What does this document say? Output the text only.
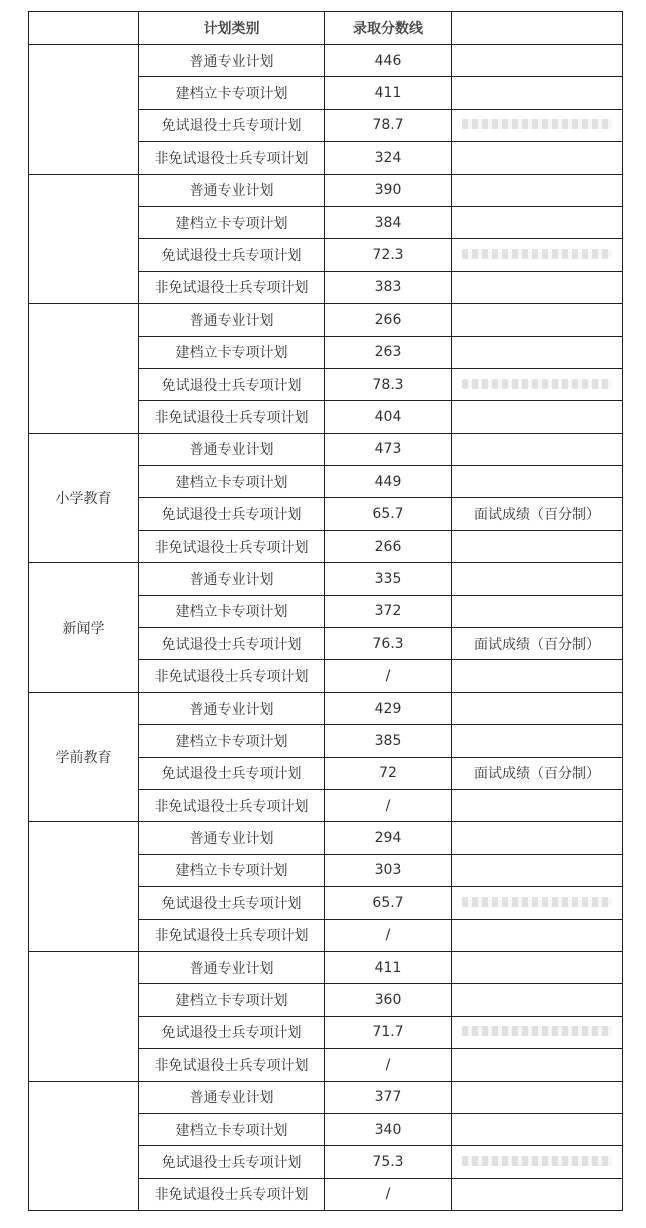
	计划类别	录取分数线	
	普通专业计划	446	
	建档立卡专项计划	411	
	免试退役士兵专项计划	78.7	
	非免试退役士兵专项计划	324	
	普通专业计划	390	
	建档立卡专项计划	384	
	免试退役士兵专项计划	72.3	
	非免试退役士兵专项计划	383	
	普通专业计划	266	
	建档立卡专项计划	263	
	免试退役士兵专项计划	78.3	
	非免试退役士兵专项计划	404	
小学教育	普通专业计划	473	
	建档立卡专项计划	449	
	免试退役士兵专项计划	65.7	面试成绩（百分制）
	非免试退役士兵专项计划	266	
新闻学	普通专业计划	335	
	建档立卡专项计划	372	
	免试退役士兵专项计划	76.3	面试成绩（百分制）
	非免试退役士兵专项计划	/	
学前教育	普通专业计划	429	
	建档立卡专项计划	385	
	免试退役士兵专项计划	72	面试成绩（百分制）
	非免试退役士兵专项计划	/	
	普通专业计划	294	
	建档立卡专项计划	303	
	免试退役士兵专项计划	65.7	
	非免试退役士兵专项计划	/	
	普通专业计划	411	
	建档立卡专项计划	360	
	免试退役士兵专项计划	71.7	
	非免试退役士兵专项计划	/	
	普通专业计划	377	
	建档立卡专项计划	340	
	免试退役士兵专项计划	75.3	
	非免试退役士兵专项计划	/	
